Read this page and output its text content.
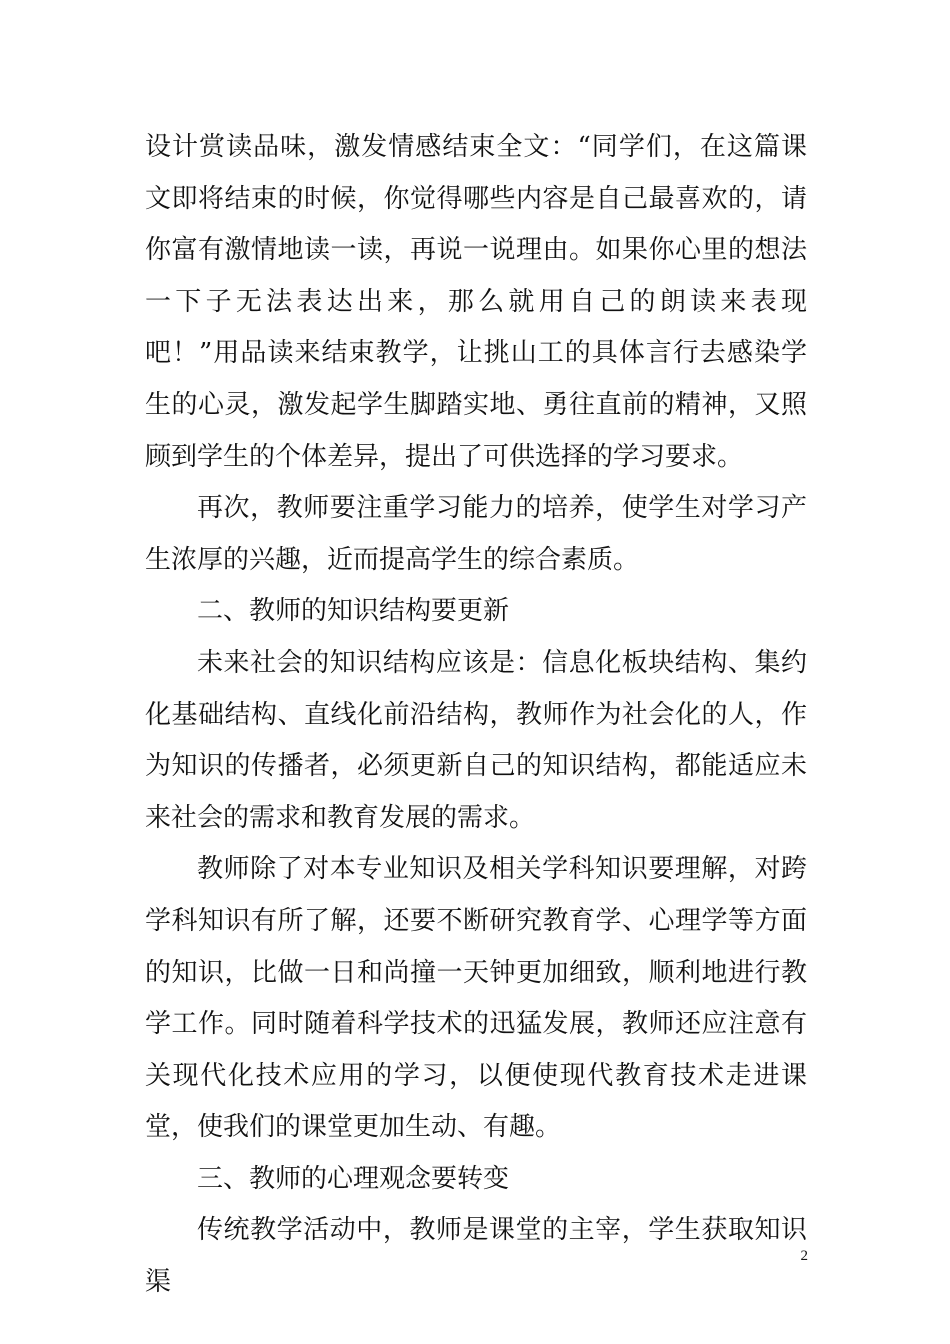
设计赏读品味，激发情感结束全文：“同学们，在这篇课文即将结束的时候，你觉得哪些内容是自己最喜欢的，请你富有激情地读一读，再说一说理由。如果你心里的想法一下子无法表达出来，那么就用自己的朗读来表现吧！”用品读来结束教学，让挑山工的具体言行去感染学生的心灵，激发起学生脚踏实地、勇往直前的精神，又照顾到学生的个体差异，提出了可供选择的学习要求。

再次，教师要注重学习能力的培养，使学生对学习产生浓厚的兴趣，近而提高学生的综合素质。

二、教师的知识结构要更新

未来社会的知识结构应该是：信息化板块结构、集约化基础结构、直线化前沿结构，教师作为社会化的人，作为知识的传播者，必须更新自己的知识结构，都能适应未来社会的需求和教育发展的需求。

教师除了对本专业知识及相关学科知识要理解，对跨学科知识有所了解，还要不断研究教育学、心理学等方面的知识，比做一日和尚撞一天钟更加细致，顺利地进行教学工作。同时随着科学技术的迅猛发展，教师还应注意有关现代化技术应用的学习，以便使现代教育技术走进课堂，使我们的课堂更加生动、有趣。

三、教师的心理观念要转变

传统教学活动中，教师是课堂的主宰，学生获取知识渠

2
